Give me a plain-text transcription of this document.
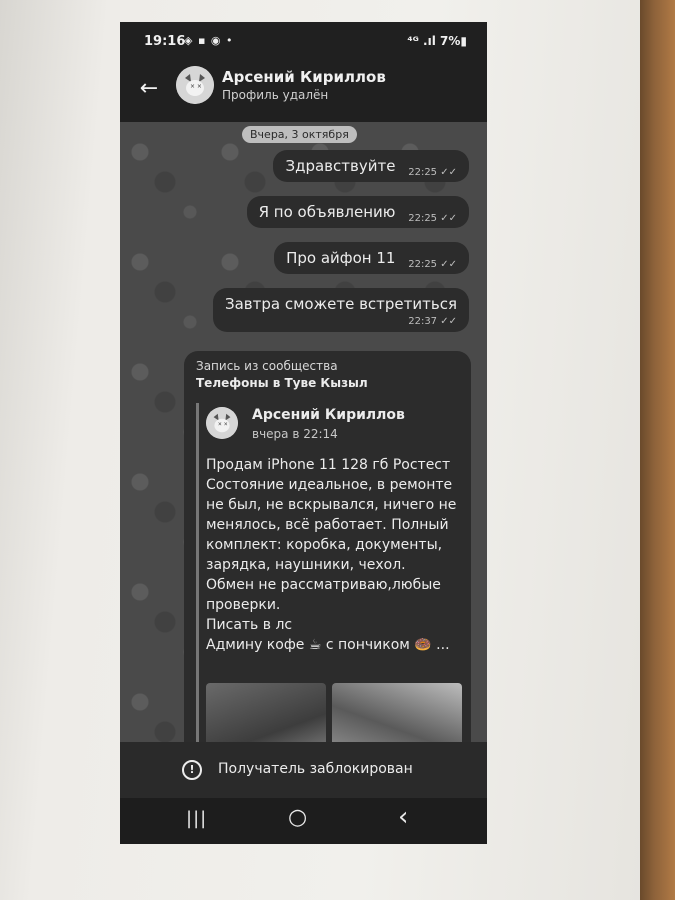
19:16
◈ ▪ ◉ •	⁴ᴳ .ıl 7%▮
←	× ×
Арсений Кириллов
Профиль удалён
Вчера, 3 октября
Здравствуйте $_{22:25 ✓✓}$
Я по объявлению $_{22:25 ✓✓}$
Про айфон 11 $_{22:25 ✓✓}$
Завтра сможете встретиться
22:37 ✓✓
Запись из сообщества
Телефоны в Туве Кызыл
× ×
Арсений Кириллов
вчера в 22:14
Продам iPhone 11 128 гб Ростест
Состояние идеальное, в ремонте не был, не вскрывался, ничего не менялось, всё работает. Полный комплект: коробка, документы, зарядка, наушники, чехол.
Обмен не рассматриваю,любые проверки.
Писать в лс
Админу кофе ☕ с пончиком 🍩 ...
!	Получатель заблокирован
|||	○	‹
